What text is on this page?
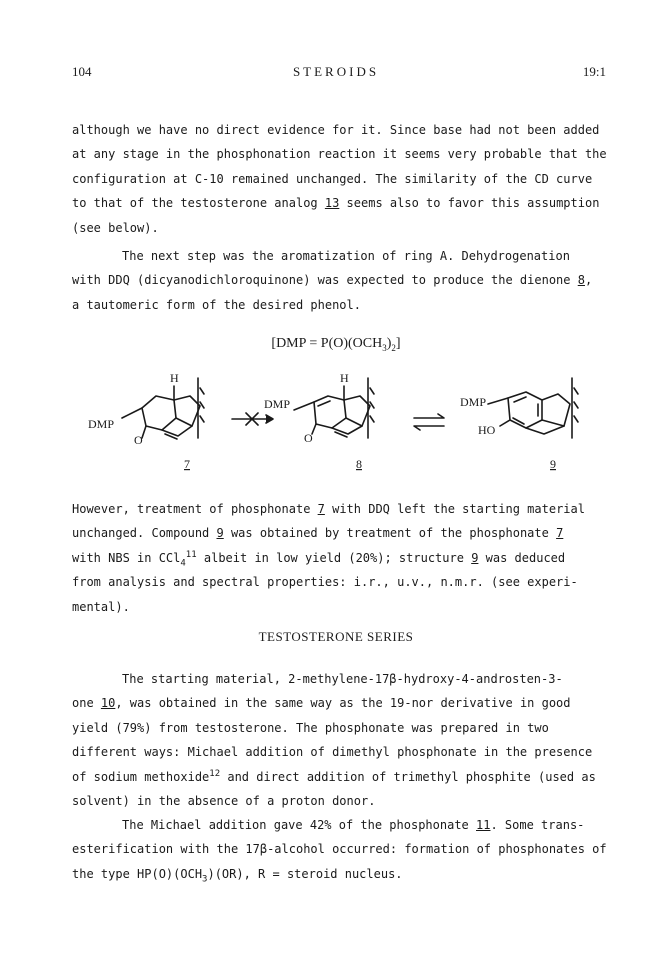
104	STEROIDS	19:1
although we have no direct evidence for it. Since base had not been added
at any stage in the phosphonation reaction it seems very probable that the
configuration at C-10 remained unchanged. The similarity of the CD curve
to that of the testosterone analog 13 seems also to favor this assumption
(see below).
The next step was the aromatization of ring A. Dehydrogenation
with DDQ (dicyanodichloroquinone) was expected to produce the dienone 8,
a tautomeric form of the desired phenol.
$[DMP = P(O)(OCH_3)_2]$
DMP
H
O
7
DMP
H
O
8
DMP
HO
9
However, treatment of phosphonate 7 with DDQ left the starting material
unchanged. Compound 9 was obtained by treatment of the phosphonate 7
with NBS in CCl$_4^{11}$ albeit in low yield (20%); structure 9 was deduced
from analysis and spectral properties: i.r., u.v., n.m.r. (see experi-
mental).
TESTOSTERONE SERIES
The starting material, 2-methylene-17β-hydroxy-4-androsten-3-
one 10, was obtained in the same way as the 19-nor derivative in good
yield (79%) from testosterone. The phosphonate was prepared in two
different ways: Michael addition of dimethyl phosphonate in the presence
of sodium methoxide$^{12}$ and direct addition of trimethyl phosphite (used as
solvent) in the absence of a proton donor.
The Michael addition gave 42% of the phosphonate 11. Some trans-
esterification with the 17β-alcohol occurred: formation of phosphonates of
the type $HP(O)(OCH_3)(OR)$, R = steroid nucleus.
